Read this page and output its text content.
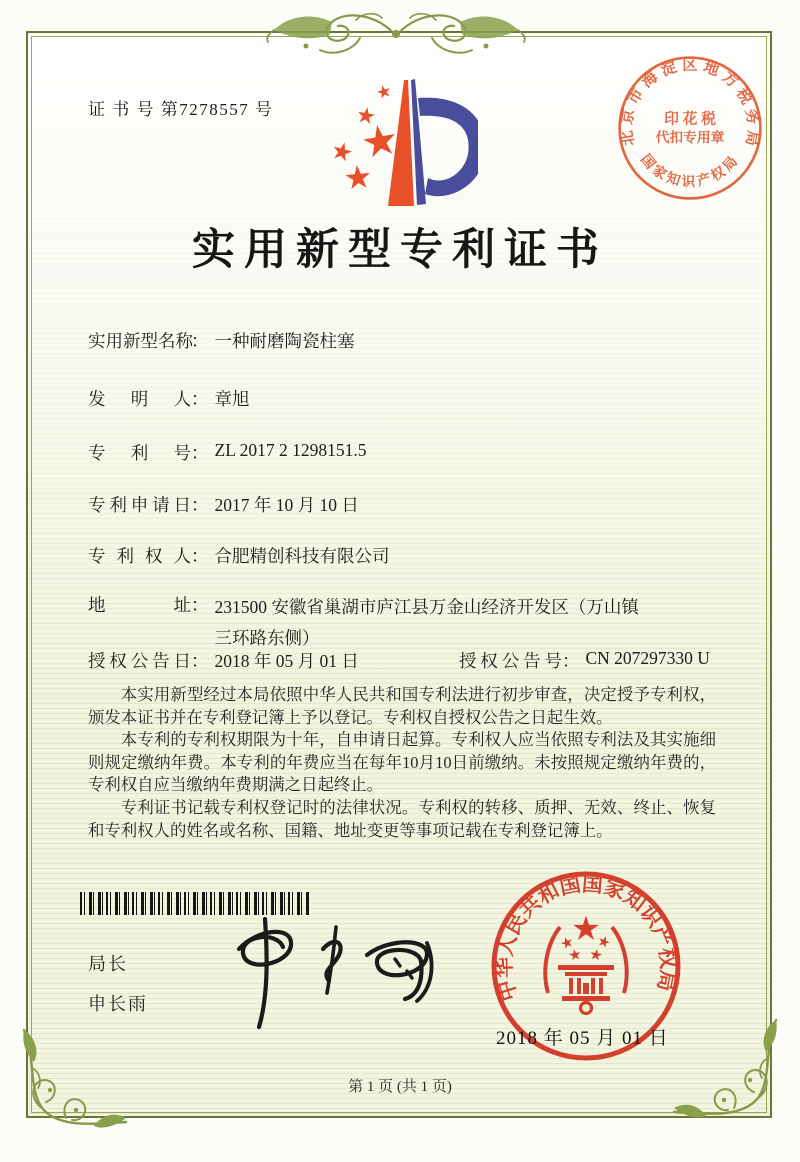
证 书 号 第7278557 号
北京市海淀区地方税务局
国家知识产权局
印 花 税
代扣专用章
实用新型专利证书
实用新型名称： 一种耐磨陶瓷柱塞
发明人： 章旭
专利号： ZL 2017 2 1298151.5
专利申请日： 2017 年 10 月 10 日
专利权人： 合肥精创科技有限公司
地址： 231500 安徽省巢湖市庐江县万金山经济开发区（万山镇三环路东侧）
授权公告日： 2018 年 05 月 01 日	授权公告号： CN 207297330 U

本实用新型经过本局依照中华人民共和国专利法进行初步审查，决定授予专利权，颁发本证书并在专利登记簿上予以登记。专利权自授权公告之日起生效。

本专利的专利权期限为十年，自申请日起算。专利权人应当依照专利法及其实施细则规定缴纳年费。本专利的年费应当在每年10月10日前缴纳。未按照规定缴纳年费的，专利权自应当缴纳年费期满之日起终止。

专利证书记载专利权登记时的法律状况。专利权的转移、质押、无效、终止、恢复和专利权人的姓名或名称、国籍、地址变更等事项记载在专利登记簿上。

局长
申长雨
中华人民共和国国家知识产权局
2018 年 05 月 01 日
第 1 页 (共 1 页)
